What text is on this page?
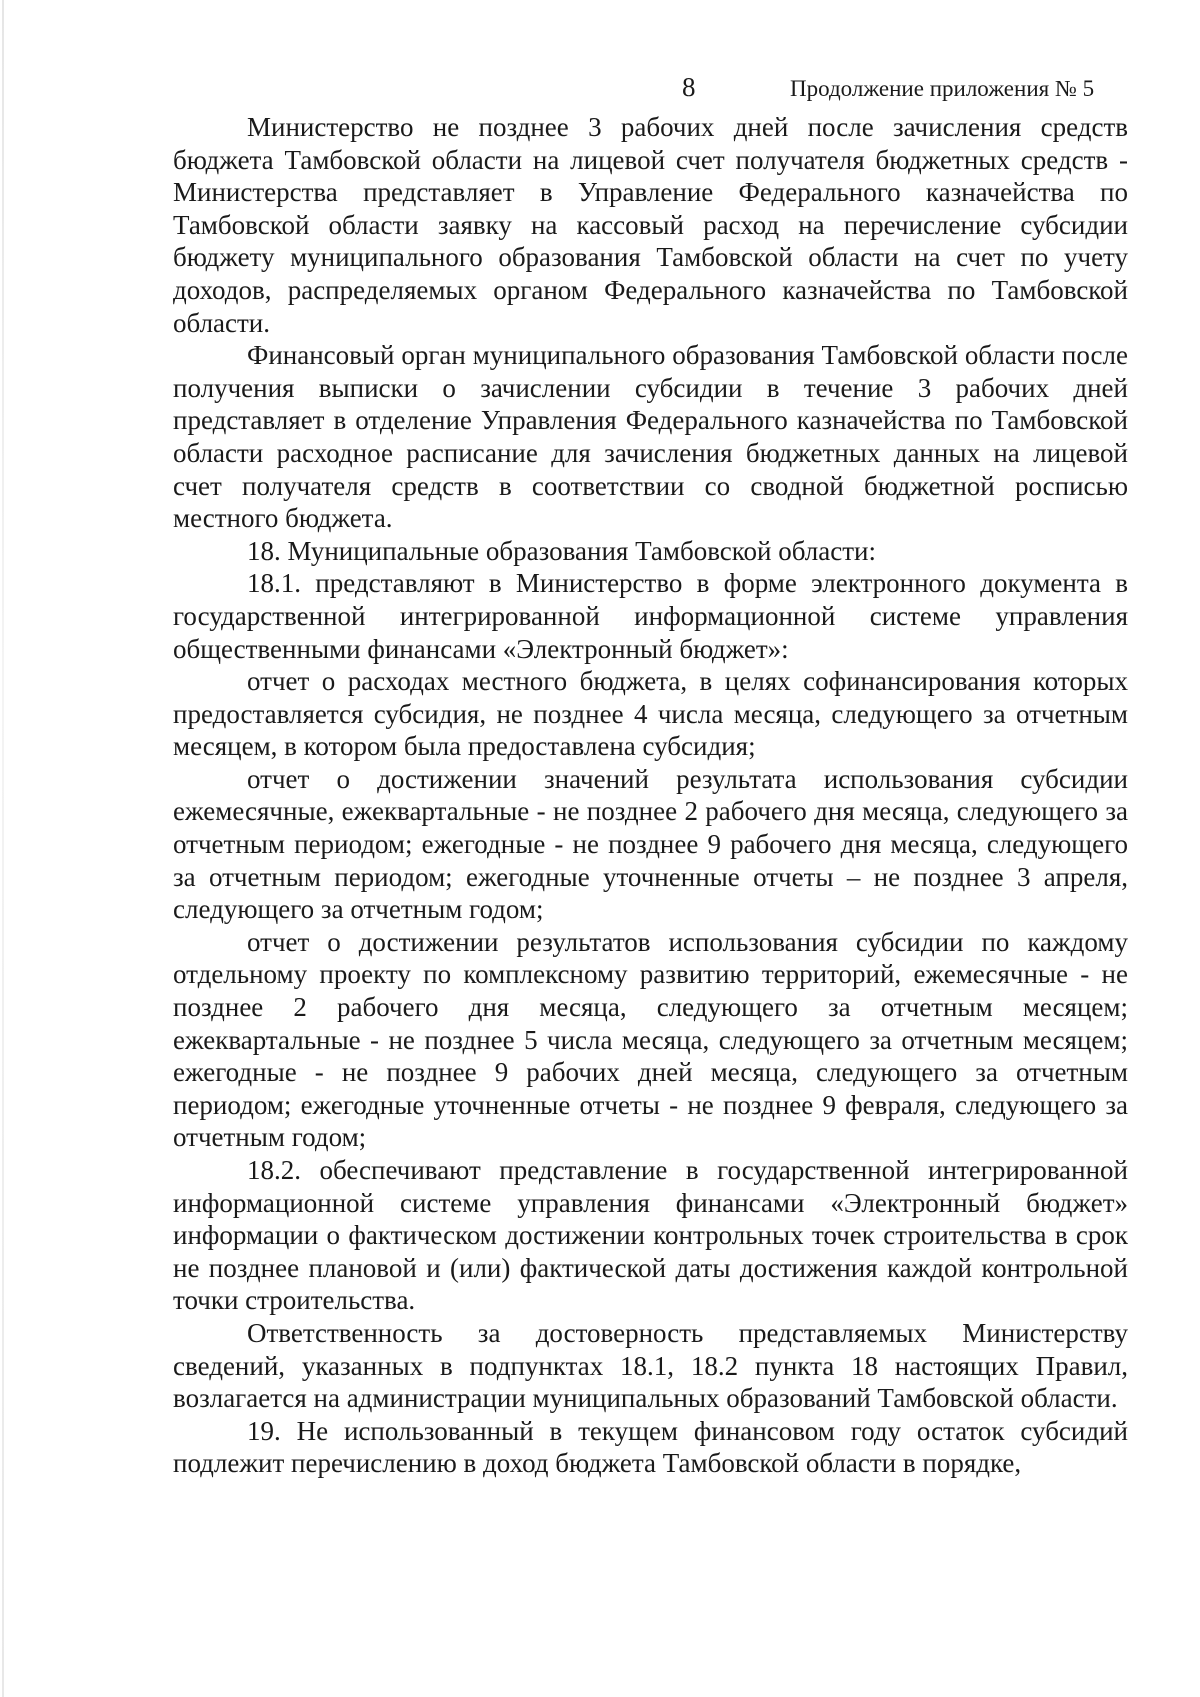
8	Продолжение приложения № 5

Министерство не позднее 3 рабочих дней после зачисления средств бюджета Тамбовской области на лицевой счет получателя бюджетных средств - Министерства представляет в Управление Федерального казначейства по Тамбовской области заявку на кассовый расход на перечисление субсидии бюджету муниципального образования Тамбовской области на счет по учету доходов, распределяемых органом Федерального казначейства по Тамбовской области.

Финансовый орган муниципального образования Тамбовской области после получения выписки о зачислении субсидии в течение 3 рабочих дней представляет в отделение Управления Федерального казначейства по Тамбовской области расходное расписание для зачисления бюджетных данных на лицевой счет получателя средств в соответствии со сводной бюджетной росписью местного бюджета.

18. Муниципальные образования Тамбовской области:

18.1. представляют в Министерство в форме электронного документа в государственной интегрированной информационной системе управления общественными финансами «Электронный бюджет»:

отчет о расходах местного бюджета, в целях софинансирования которых предоставляется субсидия, не позднее 4 числа месяца, следующего за отчетным месяцем, в котором была предоставлена субсидия;

отчет о достижении значений результата использования субсидии ежемесячные, ежеквартальные - не позднее 2 рабочего дня месяца, следующего за отчетным периодом; ежегодные - не позднее 9 рабочего дня месяца, следующего за отчетным периодом; ежегодные уточненные отчеты – не позднее 3 апреля, следующего за отчетным годом;

отчет о достижении результатов использования субсидии по каждому отдельному проекту по комплексному развитию территорий, ежемесячные - не позднее 2 рабочего дня месяца, следующего за отчетным месяцем; ежеквартальные - не позднее 5 числа месяца, следующего за отчетным месяцем; ежегодные - не позднее 9 рабочих дней месяца, следующего за отчетным периодом; ежегодные уточненные отчеты - не позднее 9 февраля, следующего за отчетным годом;

18.2. обеспечивают представление в государственной интегрированной информационной системе управления финансами «Электронный бюджет» информации о фактическом достижении контрольных точек строительства в срок не позднее плановой и (или) фактической даты достижения каждой контрольной точки строительства.

Ответственность за достоверность представляемых Министерству сведений, указанных в подпунктах 18.1, 18.2 пункта 18 настоящих Правил, возлагается на администрации муниципальных образований Тамбовской области.

19. Не использованный в текущем финансовом году остаток субсидий подлежит перечислению в доход бюджета Тамбовской области в порядке,
